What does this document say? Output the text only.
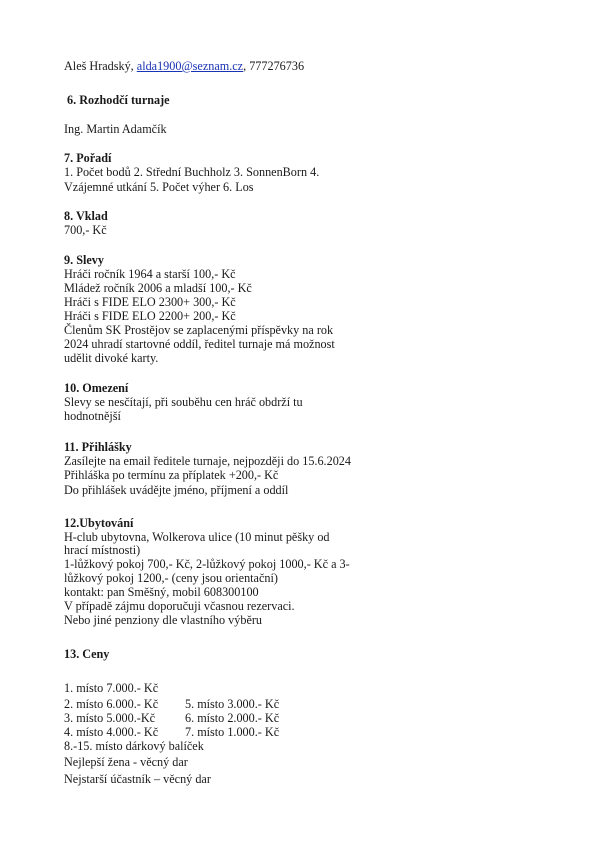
Aleš Hradský, alda1900@seznam.cz, 777276736
6. Rozhodčí turnaje
Ing. Martin Adamčík
7. Pořadí
1. Počet bodů 2. Střední Buchholz 3. SonnenBorn 4.
Vzájemné utkání 5. Počet výher 6. Los
8. Vklad
700,- Kč
9. Slevy
Hráči ročník 1964 a starší 100,- Kč
Mládež ročník 2006 a mladší 100,- Kč
Hráči s FIDE ELO 2300+ 300,- Kč
Hráči s FIDE ELO 2200+ 200,- Kč
Členům SK Prostějov se zaplacenými příspěvky na rok
2024 uhradí startovné oddíl, ředitel turnaje má možnost
udělit divoké karty.
10. Omezení
Slevy se nesčítají, při souběhu cen hráč obdrží tu
hodnotnější
11. Přihlášky
Zasílejte na email ředitele turnaje, nejpozději do 15.6.2024
Přihláška po termínu za příplatek +200,- Kč
Do přihlášek uvádějte jméno, příjmení a oddíl
12.Ubytování
H-club ubytovna, Wolkerova ulice (10 minut pěšky od
hrací místnosti)
1-lůžkový pokoj 700,- Kč, 2-lůžkový pokoj 1000,- Kč a 3-
lůžkový pokoj 1200,- (ceny jsou orientační)
kontakt: pan Směšný, mobil 608300100
V případě zájmu doporučuji včasnou rezervaci.
Nebo jiné penziony dle vlastního výběru
13. Ceny
1. místo 7.000.- Kč
2. místo 6.000.- Kč 5. místo 3.000.- Kč
3. místo 5.000.-Kč 6. místo 2.000.- Kč
4. místo 4.000.- Kč 7. místo 1.000.- Kč
8.-15. místo dárkový balíček
Nejlepší žena - věcný dar
Nejstarší účastník – věcný dar
